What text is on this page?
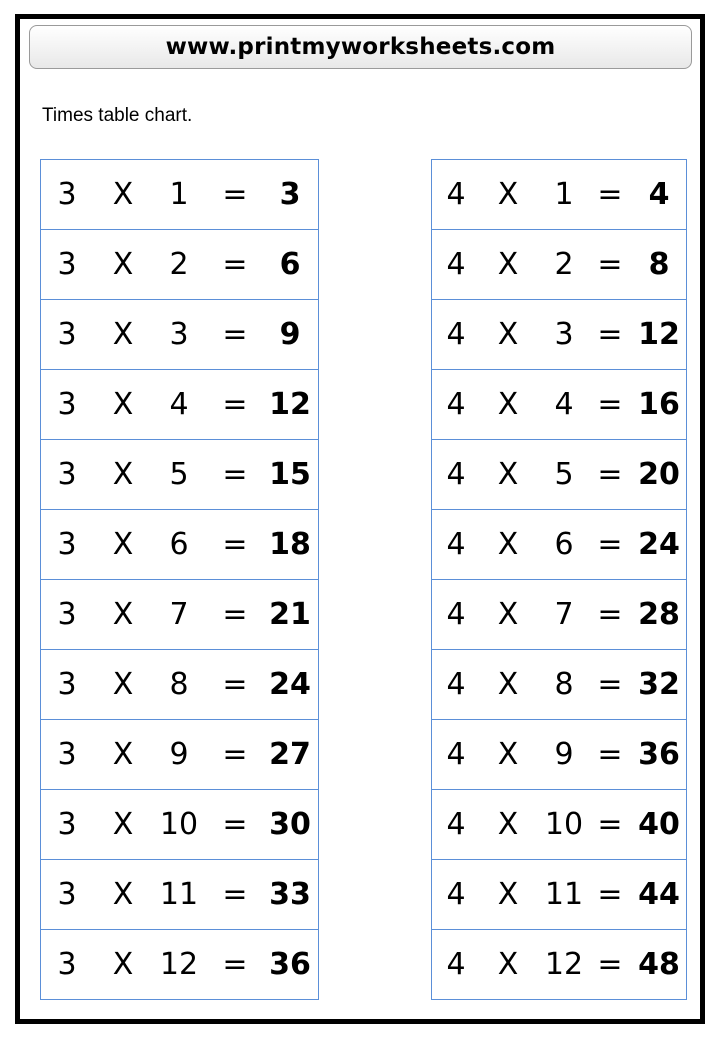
www.printmyworksheets.com
Times table chart.
3	X	1	=	3
3	X	2	=	6
3	X	3	=	9
3	X	4	= 12
3	X	5	= 15
3	X	6	= 18
3	X	7	= 21
3	X	8	= 24
3	X	9	= 27
3	X 10 = 30
3	X 11 = 33
3	X 12 = 36
4	X	1 = 4
4	X	2 = 8
4	X	3 = 12
4	X	4 = 16
4	X	5 = 20
4	X	6 = 24
4	X	7 = 28
4	X	8 = 32
4	X	9 = 36
4	X 10 = 40
4	X 11 = 44
4	X 12 = 48
